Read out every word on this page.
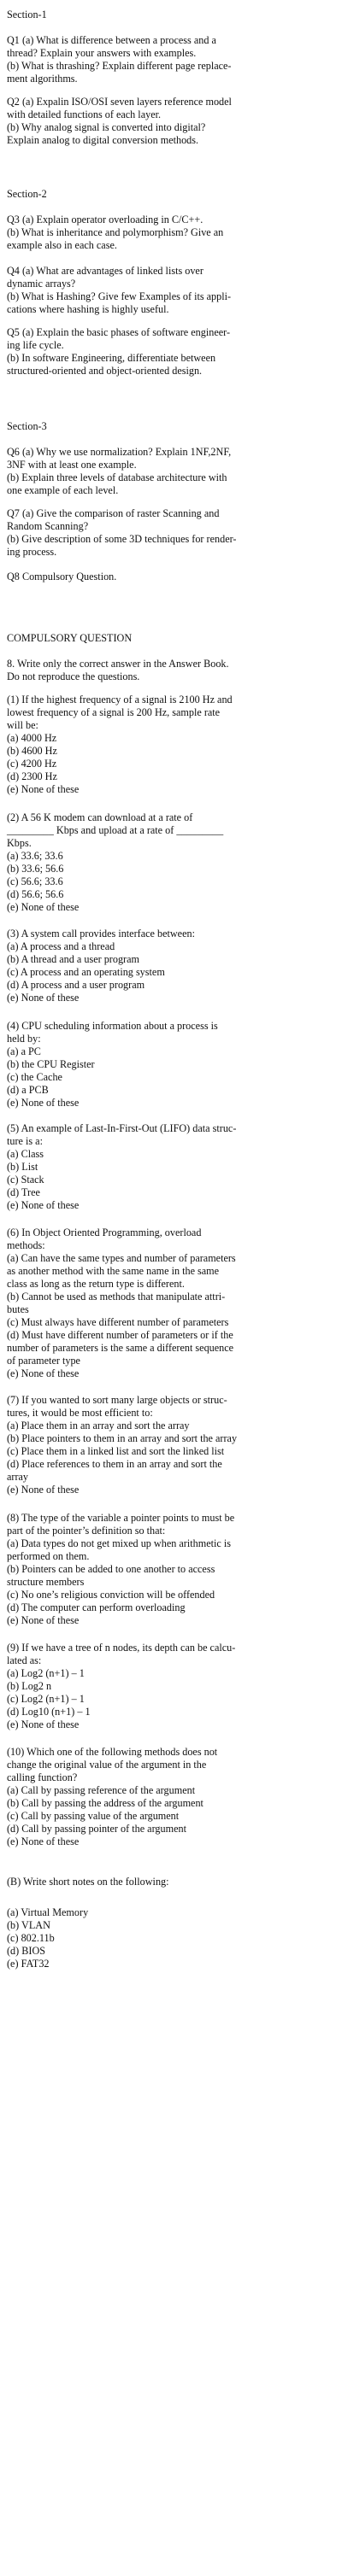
Section-1
Q1 (a) What is difference between a process and a
thread? Explain your answers with examples.
(b) What is thrashing? Explain different page replace-
ment algorithms.
Q2 (a) Expalin ISO/OSI seven layers reference model
with detailed functions of each layer.
(b) Why analog signal is converted into digital?
Explain analog to digital conversion methods.
Section-2
Q3 (a) Explain operator overloading in C/C++.
(b) What is inheritance and polymorphism? Give an
example also in each case.
Q4 (a) What are advantages of linked lists over
dynamic arrays?
(b) What is Hashing? Give few Examples of its appli-
cations where hashing is highly useful.
Q5 (a) Explain the basic phases of software engineer-
ing life cycle.
(b) In software Engineering, differentiate between
structured-oriented and object-oriented design.
Section-3
Q6 (a) Why we use normalization? Explain 1NF,2NF,
3NF with at least one example.
(b) Explain three levels of database architecture with
one example of each level.
Q7 (a) Give the comparison of raster Scanning and
Random Scanning?
(b) Give description of some 3D techniques for render-
ing process.
Q8 Compulsory Question.
COMPULSORY QUESTION
8. Write only the correct answer in the Answer Book.
Do not reproduce the questions.
(1) If the highest frequency of a signal is 2100 Hz and
lowest frequency of a signal is 200 Hz, sample rate
will be:
(a) 4000 Hz
(b) 4600 Hz
(c) 4200 Hz
(d) 2300 Hz
(e) None of these
(2) A 56 K modem can download at a rate of
_________ Kbps and upload at a rate of _________
Kbps.
(a) 33.6; 33.6
(b) 33.6; 56.6
(c) 56.6; 33.6
(d) 56.6; 56.6
(e) None of these
(3) A system call provides interface between:
(a) A process and a thread
(b) A thread and a user program
(c) A process and an operating system
(d) A process and a user program
(e) None of these
(4) CPU scheduling information about a process is
held by:
(a) a PC
(b) the CPU Register
(c) the Cache
(d) a PCB
(e) None of these
(5) An example of Last-In-First-Out (LIFO) data struc-
ture is a:
(a) Class
(b) List
(c) Stack
(d) Tree
(e) None of these
(6) In Object Oriented Programming, overload
methods:
(a) Can have the same types and number of parameters
as another method with the same name in the same
class as long as the return type is different.
(b) Cannot be used as methods that manipulate attri-
butes
(c) Must always have different number of parameters
(d) Must have different number of parameters or if the
number of parameters is the same a different sequence
of parameter type
(e) None of these
(7) If you wanted to sort many large objects or struc-
tures, it would be most efficient to:
(a) Place them in an array and sort the array
(b) Place pointers to them in an array and sort the array
(c) Place them in a linked list and sort the linked list
(d) Place references to them in an array and sort the
array
(e) None of these
(8) The type of the variable a pointer points to must be
part of the pointer’s definition so that:
(a) Data types do not get mixed up when arithmetic is
performed on them.
(b) Pointers can be added to one another to access
structure members
(c) No one’s religious conviction will be offended
(d) The computer can perform overloading
(e) None of these
(9) If we have a tree of n nodes, its depth can be calcu-
lated as:
(a) Log2 (n+1) – 1
(b) Log2 n
(c) Log2 (n+1) – 1
(d) Log10 (n+1) – 1
(e) None of these
(10) Which one of the following methods does not
change the original value of the argument in the
calling function?
(a) Call by passing reference of the argument
(b) Call by passing the address of the argument
(c) Call by passing value of the argument
(d) Call by passing pointer of the argument
(e) None of these
(B) Write short notes on the following:
(a) Virtual Memory
(b) VLAN
(c) 802.11b
(d) BIOS
(e) FAT32
